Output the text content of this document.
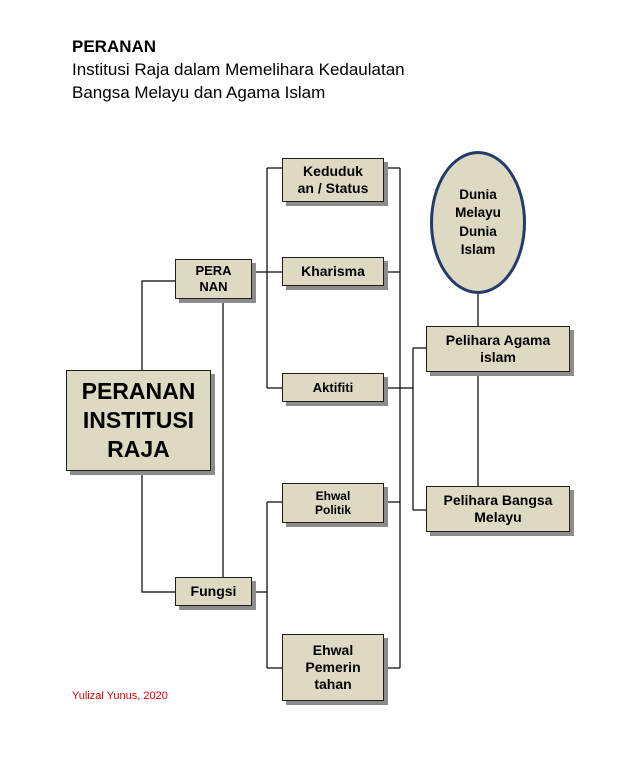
PERANAN
Institusi Raja dalam Memelihara Kedaulatan
Bangsa Melayu dan Agama Islam
PERANAN
INSTITUSI
RAJA
PERA
NAN
Fungsi
Keduduk
an / Status
Kharisma
Aktifiti
Ehwal
Politik
Ehwal
Pemerin
tahan
Dunia
Melayu
Dunia
Islam
Pelihara Agama
islam
Pelihara Bangsa
Melayu
Yulizal Yunus, 2020
